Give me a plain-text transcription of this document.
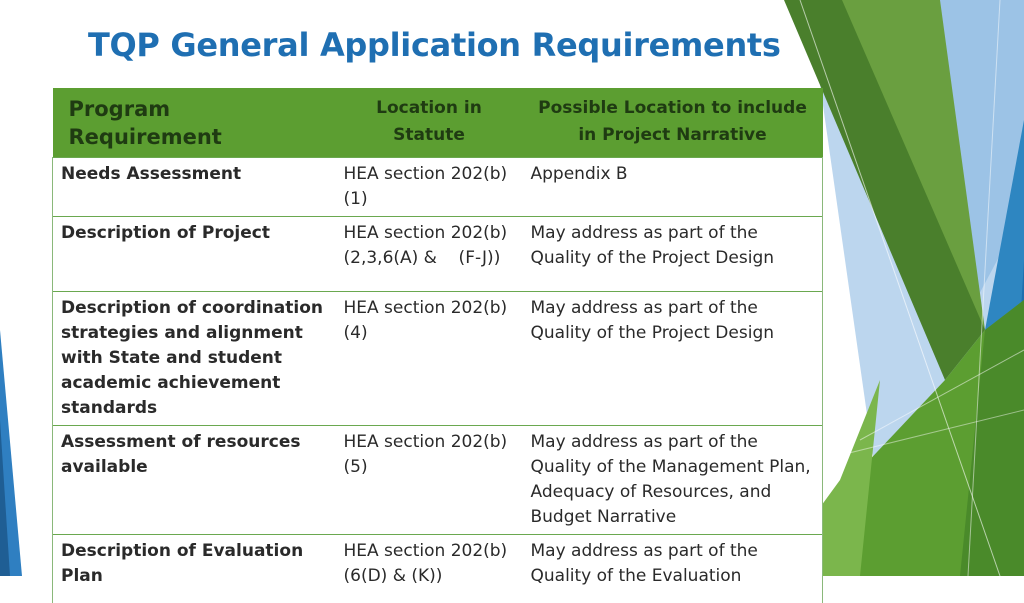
TQP General Application Requirements
Program Requirement	Location in Statute	Possible Location to include in Project Narrative
Needs Assessment	HEA section 202(b) (1)	Appendix B
Description of Project	HEA section 202(b) (2,3,6(A) &    (F-J))	May address as part of the Quality of the Project Design
Description of coordination strategies and alignment with State and student academic achievement standards	HEA section 202(b) (4)	May address as part of the Quality of the Project Design
Assessment of resources available	HEA section 202(b) (5)	May address as part of the Quality of the Management Plan, Adequacy of Resources, and Budget Narrative
Description of Evaluation Plan	HEA section 202(b) (6(D) & (K))	May address as part of the Quality of the Evaluation
